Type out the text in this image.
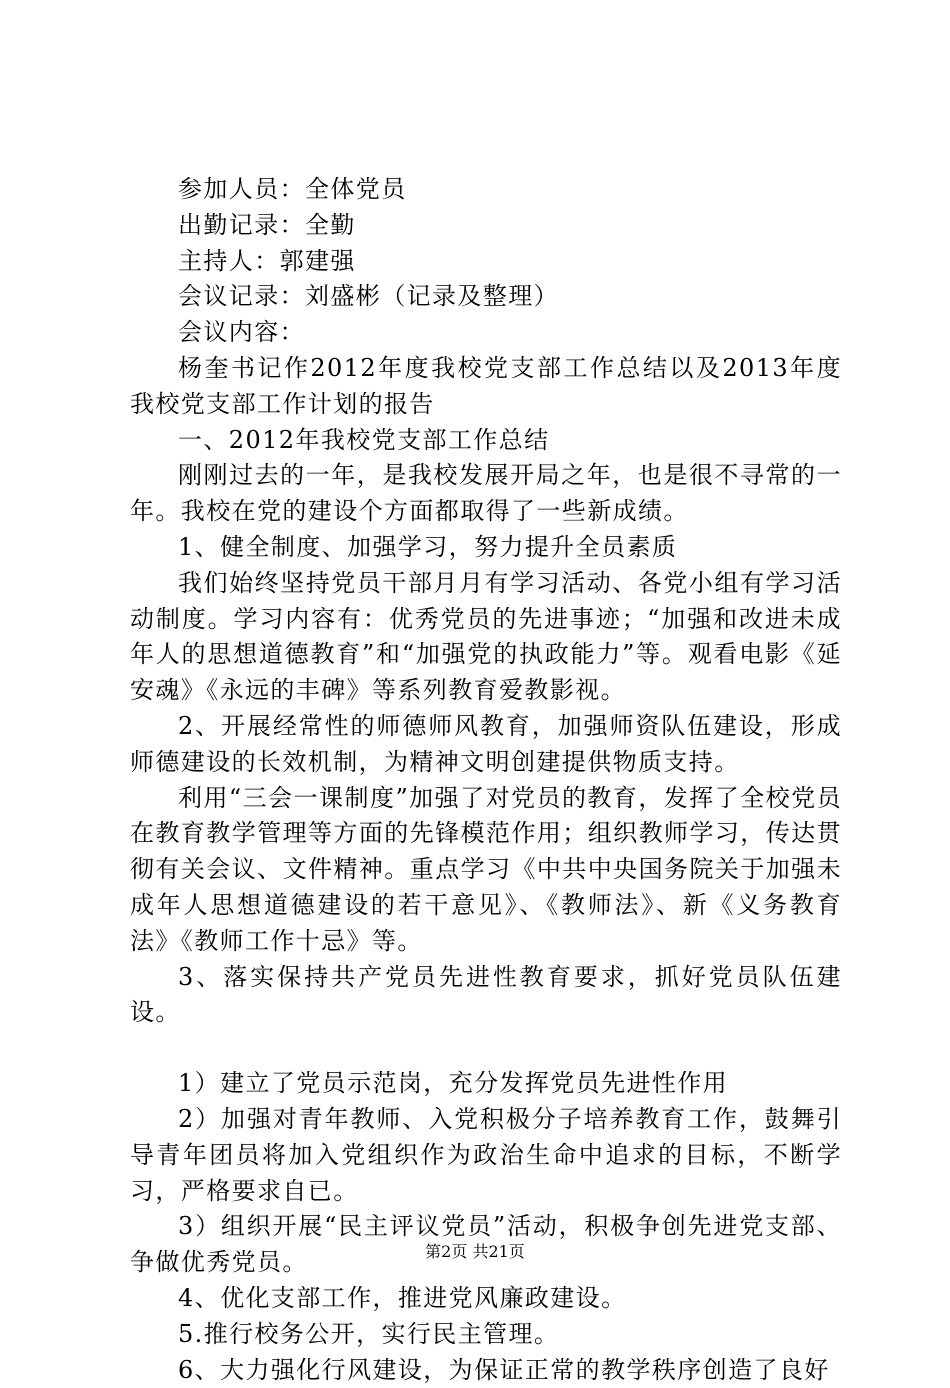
参加人员：全体党员

出勤记录：全勤

主持人：郭建强

会议记录：刘盛彬（记录及整理）

会议内容：

杨奎书记作2012年度我校党支部工作总结以及2013年度我校党支部工作计划的报告

一、2012年我校党支部工作总结

刚刚过去的一年，是我校发展开局之年，也是很不寻常的一年。我校在党的建设个方面都取得了一些新成绩。

1、健全制度、加强学习，努力提升全员素质

我们始终坚持党员干部月月有学习活动、各党小组有学习活动制度。学习内容有：优秀党员的先进事迹；“加强和改进未成年人的思想道德教育”和“加强党的执政能力”等。观看电影《延安魂》《永远的丰碑》等系列教育爱教影视。

2、开展经常性的师德师风教育，加强师资队伍建设，形成师德建设的长效机制，为精神文明创建提供物质支持。

利用“三会一课制度”加强了对党员的教育，发挥了全校党员在教育教学管理等方面的先锋模范作用；组织教师学习，传达贯彻有关会议、文件精神。重点学习《中共中央国务院关于加强未成年人思想道德建设的若干意见》、《教师法》、新《义务教育法》《教师工作十忌》等。

3、落实保持共产党员先进性教育要求，抓好党员队伍建设。

1）建立了党员示范岗，充分发挥党员先进性作用

2）加强对青年教师、入党积极分子培养教育工作，鼓舞引导青年团员将加入党组织作为政治生命中追求的目标，不断学习，严格要求自已。

3）组织开展“民主评议党员”活动，积极争创先进党支部、争做优秀党员。

4、优化支部工作，推进党风廉政建设。

5.推行校务公开，实行民主管理。

6、大力强化行风建设，为保证正常的教学秩序创造了良好

第2页 共21页
